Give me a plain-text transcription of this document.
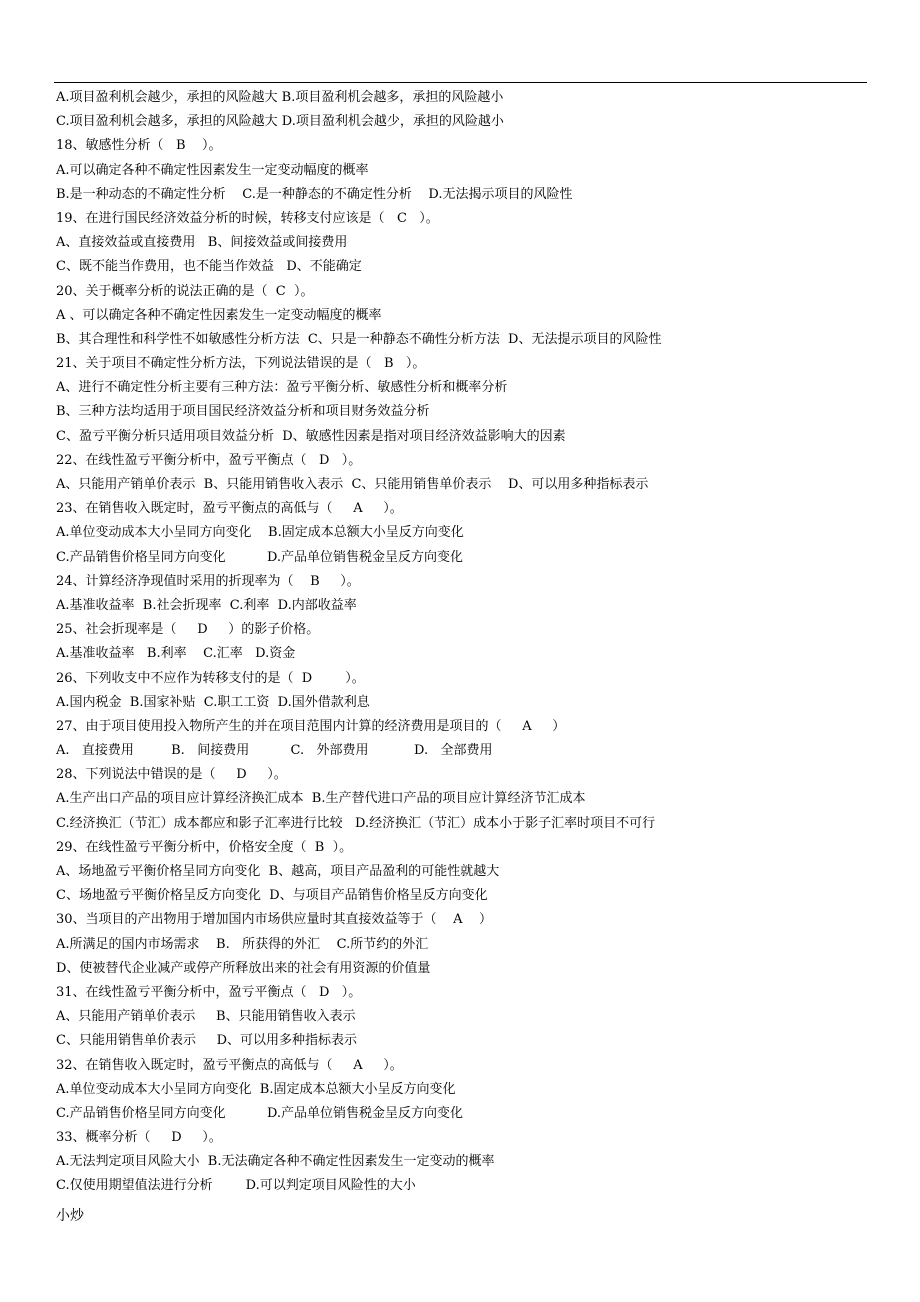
A.项目盈利机会越少，承担的风险越大 B.项目盈利机会越多，承担的风险越小
C.项目盈利机会越多，承担的风险越大 D.项目盈利机会越少，承担的风险越小
18、敏感性分析（   B    ）。
A.可以确定各种不确定性因素发生一定变动幅度的概率
B.是一种动态的不确定性分析    C.是一种静态的不确定性分析    D.无法揭示项目的风险性
19、在进行国民经济效益分析的时候，转移支付应该是（   C   ）。
A、直接效益或直接费用   B、间接效益或间接费用
C、既不能当作费用，也不能当作效益   D、不能确定
20、关于概率分析的说法正确的是（  C  ）。
A 、可以确定各种不确定性因素发生一定变动幅度的概率
B、其合理性和科学性不如敏感性分析方法  C、只是一种静态不确性分析方法  D、无法提示项目的风险性
21、关于项目不确定性分析方法，下列说法错误的是（   B   ）。
A、进行不确定性分析主要有三种方法：盈亏平衡分析、敏感性分析和概率分析
B、三种方法均适用于项目国民经济效益分析和项目财务效益分析
C、盈亏平衡分析只适用项目效益分析  D、敏感性因素是指对项目经济效益影响大的因素
22、在线性盈亏平衡分析中，盈亏平衡点（   D   ）。
A、只能用产销单价表示  B、只能用销售收入表示  C、只能用销售单价表示    D、可以用多种指标表示
23、在销售收入既定时，盈亏平衡点的高低与（     A     ）。
A.单位变动成本大小呈同方向变化    B.固定成本总额大小呈反方向变化
C.产品销售价格呈同方向变化          D.产品单位销售税金呈反方向变化
24、计算经济净现值时采用的折现率为（    B     ）。
A.基准收益率  B.社会折现率  C.利率  D.内部收益率
25、社会折现率是（     D     ）的影子价格。
A.基准收益率   B.利率    C.汇率   D.资金
26、下列收支中不应作为转移支付的是（  D        ）。
A.国内税金  B.国家补贴  C.职工工资  D.国外借款利息
27、由于项目使用投入物所产生的并在项目范围内计算的经济费用是项目的（     A     ）
A.   直接费用         B.   间接费用          C.   外部费用           D.   全部费用
28、下列说法中错误的是（     D     ）。
A.生产出口产品的项目应计算经济换汇成本  B.生产替代进口产品的项目应计算经济节汇成本
C.经济换汇（节汇）成本都应和影子汇率进行比较   D.经济换汇（节汇）成本小于影子汇率时项目不可行
29、在线性盈亏平衡分析中，价格安全度（  B  ）。
A、场地盈亏平衡价格呈同方向变化  B、越高，项目产品盈利的可能性就越大
C、场地盈亏平衡价格呈反方向变化  D、与项目产品销售价格呈反方向变化
30、当项目的产出物用于增加国内市场供应量时其直接效益等于（    A    ）
A.所满足的国内市场需求    B.   所获得的外汇    C.所节约的外汇
D、使被替代企业减产或停产所释放出来的社会有用资源的价值量
31、在线性盈亏平衡分析中，盈亏平衡点（   D   ）。
A、只能用产销单价表示     B、只能用销售收入表示
C、只能用销售单价表示     D、可以用多种指标表示
32、在销售收入既定时，盈亏平衡点的高低与（     A     ）。
A.单位变动成本大小呈同方向变化  B.固定成本总额大小呈反方向变化
C.产品销售价格呈同方向变化          D.产品单位销售税金呈反方向变化
33、概率分析（     D     ）。
A.无法判定项目风险大小  B.无法确定各种不确定性因素发生一定变动的概率
C.仅使用期望值法进行分析        D.可以判定项目风险性的大小
小炒
